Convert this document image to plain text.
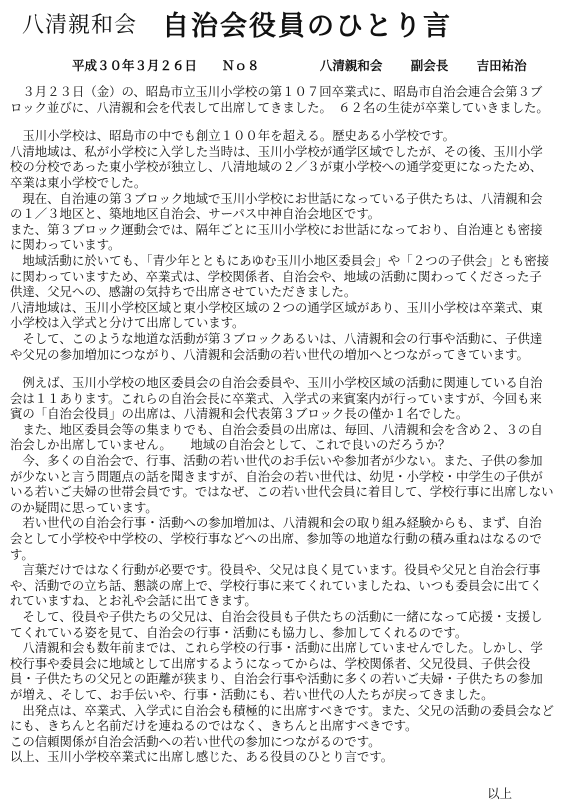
八清親和会 自治会役員のひとり言
平成３０年３月２６日　　Ｎｏ８	八清親和会 副会長 吉田祐治

　３月２３日（金）の、昭島市立玉川小学校の第１０７回卒業式に、昭島市自治会連合会第３ブロック並びに、八清親和会を代表して出席してきました。　６２名の生徒が卒業していきました。

　玉川小学校は、昭島市の中でも創立１００年を超える。歴史ある小学校です。

八清地域は、私が小学校に入学した当時は、玉川小学校が通学区域でしたが、その後、玉川小学校の分校であった東小学校が独立し、八清地域の２／３が東小学校への通学変更になったため、卒業は東小学校でした。

　現在、自治連の第３ブロック地域で玉川小学校にお世話になっている子供たちは、八清親和会の１／３地区と、築地地区自治会、サーパス中神自治会地区です。

また、第３ブロック運動会では、隔年ごとに玉川小学校にお世話になっており、自治連とも密接に関わっています。

　地域活動に於いても、「青少年とともにあゆむ玉川小地区委員会」や「２つの子供会」とも密接に関わっていますため、卒業式は、学校関係者、自治会や、地域の活動に関わってくださった子供達、父兄への、感謝の気持ちで出席させていただきました。

八清地域は、玉川小学校区域と東小学校区域の２つの通学区域があり、玉川小学校は卒業式、東小学校は入学式と分けて出席しています。

　そして、このような地道な活動が第３ブロックあるいは、八清親和会の行事や活動に、子供達や父兄の参加増加につながり、八清親和会活動の若い世代の増加へとつながってきています。

　例えば、玉川小学校の地区委員会の自治会委員や、玉川小学校区域の活動に関連している自治会は１１あります。これらの自治会長に卒業式、入学式の来賓案内が行っていますが、今回も来賓の「自治会役員」の出席は、八清親和会代表第３ブロック長の僅か１名でした。

　また、地区委員会等の集まりでも、自治会委員の出席は、毎回、八清親和会を含め２、３の自治会しか出席していません。　　地域の自治会として、これで良いのだろうか？

　今、多くの自治会で、行事、活動の若い世代のお手伝いや参加者が少ない。また、子供の参加が少ないと言う問題点の話を聞きますが、自治会の若い世代は、幼児・小学校・中学生の子供がいる若いご夫婦の世帯会員です。ではなぜ、この若い世代会員に着目して、学校行事に出席しないのか疑問に思っています。

　若い世代の自治会行事・活動への参加増加は、八清親和会の取り組み経験からも、まず、自治会として小学校や中学校の、学校行事などへの出席、参加等の地道な行動の積み重ねはなるのです。

　言葉だけではなく行動が必要です。役員や、父兄は良く見ています。役員や父兄と自治会行事や、活動での立ち話、懇談の席上で、学校行事に来てくれていましたね、いつも委員会に出てくれていますね、とお礼や会話に出てきます。

　そして、役員や子供たちの父兄は、自治会役員も子供たちの活動に一緒になって応援・支援してくれている姿を見て、自治会の行事・活動にも協力し、参加してくれるのです。

　八清親和会も数年前までは、これら学校の行事・活動に出席していませんでした。しかし、学校行事や委員会に地域として出席するようになってからは、学校関係者、父兄役員、子供会役員・子供たちの父兄との距離が狭まり、自治会行事や活動に多くの若いご夫婦・子供たちの参加が増え、そして、お手伝いや、行事・活動にも、若い世代の人たちが戻ってきました。

　出発点は、卒業式、入学式に自治会も積極的に出席すべきです。また、父兄の活動の委員会などにも、きちんと名前だけを連ねるのではなく、きちんと出席すべきです。

この信頼関係が自治会活動への若い世代の参加につながるのです。

以上、玉川小学校卒業式に出席し感じた、ある役員のひとり言です。

以上
